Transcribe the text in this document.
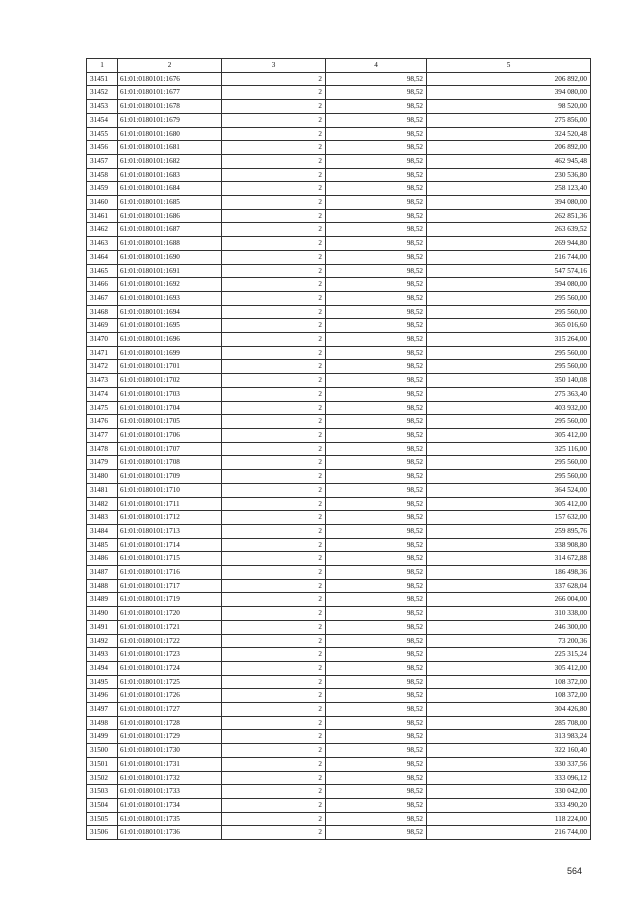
1	2	3	4	5
31451	61:01:0180101:1676	2	98,52	206 892,00
31452	61:01:0180101:1677	2	98,52	394 080,00
31453	61:01:0180101:1678	2	98,52	98 520,00
31454	61:01:0180101:1679	2	98,52	275 856,00
31455	61:01:0180101:1680	2	98,52	324 520,48
31456	61:01:0180101:1681	2	98,52	206 892,00
31457	61:01:0180101:1682	2	98,52	462 945,48
31458	61:01:0180101:1683	2	98,52	230 536,80
31459	61:01:0180101:1684	2	98,52	258 123,40
31460	61:01:0180101:1685	2	98,52	394 080,00
31461	61:01:0180101:1686	2	98,52	262 851,36
31462	61:01:0180101:1687	2	98,52	263 639,52
31463	61:01:0180101:1688	2	98,52	269 944,80
31464	61:01:0180101:1690	2	98,52	216 744,00
31465	61:01:0180101:1691	2	98,52	547 574,16
31466	61:01:0180101:1692	2	98,52	394 080,00
31467	61:01:0180101:1693	2	98,52	295 560,00
31468	61:01:0180101:1694	2	98,52	295 560,00
31469	61:01:0180101:1695	2	98,52	365 016,60
31470	61:01:0180101:1696	2	98,52	315 264,00
31471	61:01:0180101:1699	2	98,52	295 560,00
31472	61:01:0180101:1701	2	98,52	295 560,00
31473	61:01:0180101:1702	2	98,52	350 140,08
31474	61:01:0180101:1703	2	98,52	275 363,40
31475	61:01:0180101:1704	2	98,52	403 932,00
31476	61:01:0180101:1705	2	98,52	295 560,00
31477	61:01:0180101:1706	2	98,52	305 412,00
31478	61:01:0180101:1707	2	98,52	325 116,00
31479	61:01:0180101:1708	2	98,52	295 560,00
31480	61:01:0180101:1709	2	98,52	295 560,00
31481	61:01:0180101:1710	2	98,52	364 524,00
31482	61:01:0180101:1711	2	98,52	305 412,00
31483	61:01:0180101:1712	2	98,52	157 632,00
31484	61:01:0180101:1713	2	98,52	259 895,76
31485	61:01:0180101:1714	2	98,52	338 908,80
31486	61:01:0180101:1715	2	98,52	314 672,88
31487	61:01:0180101:1716	2	98,52	186 498,36
31488	61:01:0180101:1717	2	98,52	337 628,04
31489	61:01:0180101:1719	2	98,52	266 004,00
31490	61:01:0180101:1720	2	98,52	310 338,00
31491	61:01:0180101:1721	2	98,52	246 300,00
31492	61:01:0180101:1722	2	98,52	73 200,36
31493	61:01:0180101:1723	2	98,52	225 315,24
31494	61:01:0180101:1724	2	98,52	305 412,00
31495	61:01:0180101:1725	2	98,52	108 372,00
31496	61:01:0180101:1726	2	98,52	108 372,00
31497	61:01:0180101:1727	2	98,52	304 426,80
31498	61:01:0180101:1728	2	98,52	285 708,00
31499	61:01:0180101:1729	2	98,52	313 983,24
31500	61:01:0180101:1730	2	98,52	322 160,40
31501	61:01:0180101:1731	2	98,52	330 337,56
31502	61:01:0180101:1732	2	98,52	333 096,12
31503	61:01:0180101:1733	2	98,52	330 042,00
31504	61:01:0180101:1734	2	98,52	333 490,20
31505	61:01:0180101:1735	2	98,52	118 224,00
31506	61:01:0180101:1736	2	98,52	216 744,00
564
